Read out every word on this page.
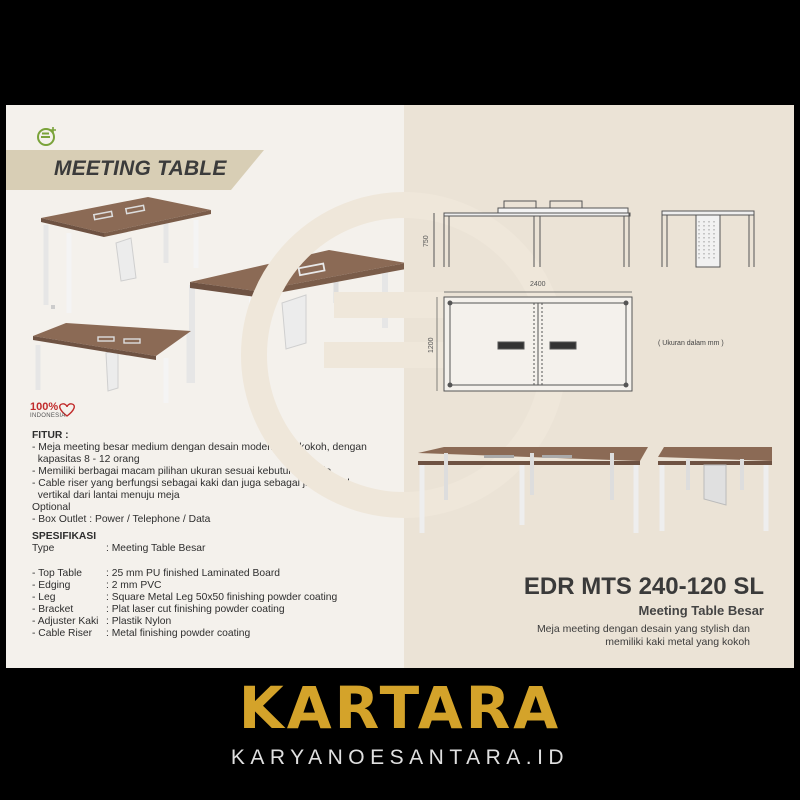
MEETING TABLE
100%
INDONESIA
FITUR :
- Meja meeting besar medium dengan desain modern dan kokoh, dengan
kapasitas 8 - 12 orang
- Memiliki berbagai macam pilihan ukuran sesuai kebutuhan anda
- Cable riser yang berfungsi sebagai kaki dan juga sebagai jalur kabel
vertikal dari lantai menuju meja
Optional
- Box Outlet : Power / Telephone / Data
SPESIFIKASI
Type	: Meeting Table Besar
- Top Table : 25 mm PU finished Laminated Board
- Edging	: 2 mm PVC
- Leg	: Square Metal Leg 50x50 finishing powder coating
- Bracket	: Plat laser cut finishing powder coating
- Adjuster Kaki : Plastik Nylon
- Cable Riser : Metal finishing powder coating
750
2400
1200	( Ukuran dalam mm )
EDR MTS 240-120 SL
Meeting Table Besar
Meja meeting dengan desain yang stylish dan
memiliki kaki metal yang kokoh
KARTARA
KARYANOESANTARA.ID
